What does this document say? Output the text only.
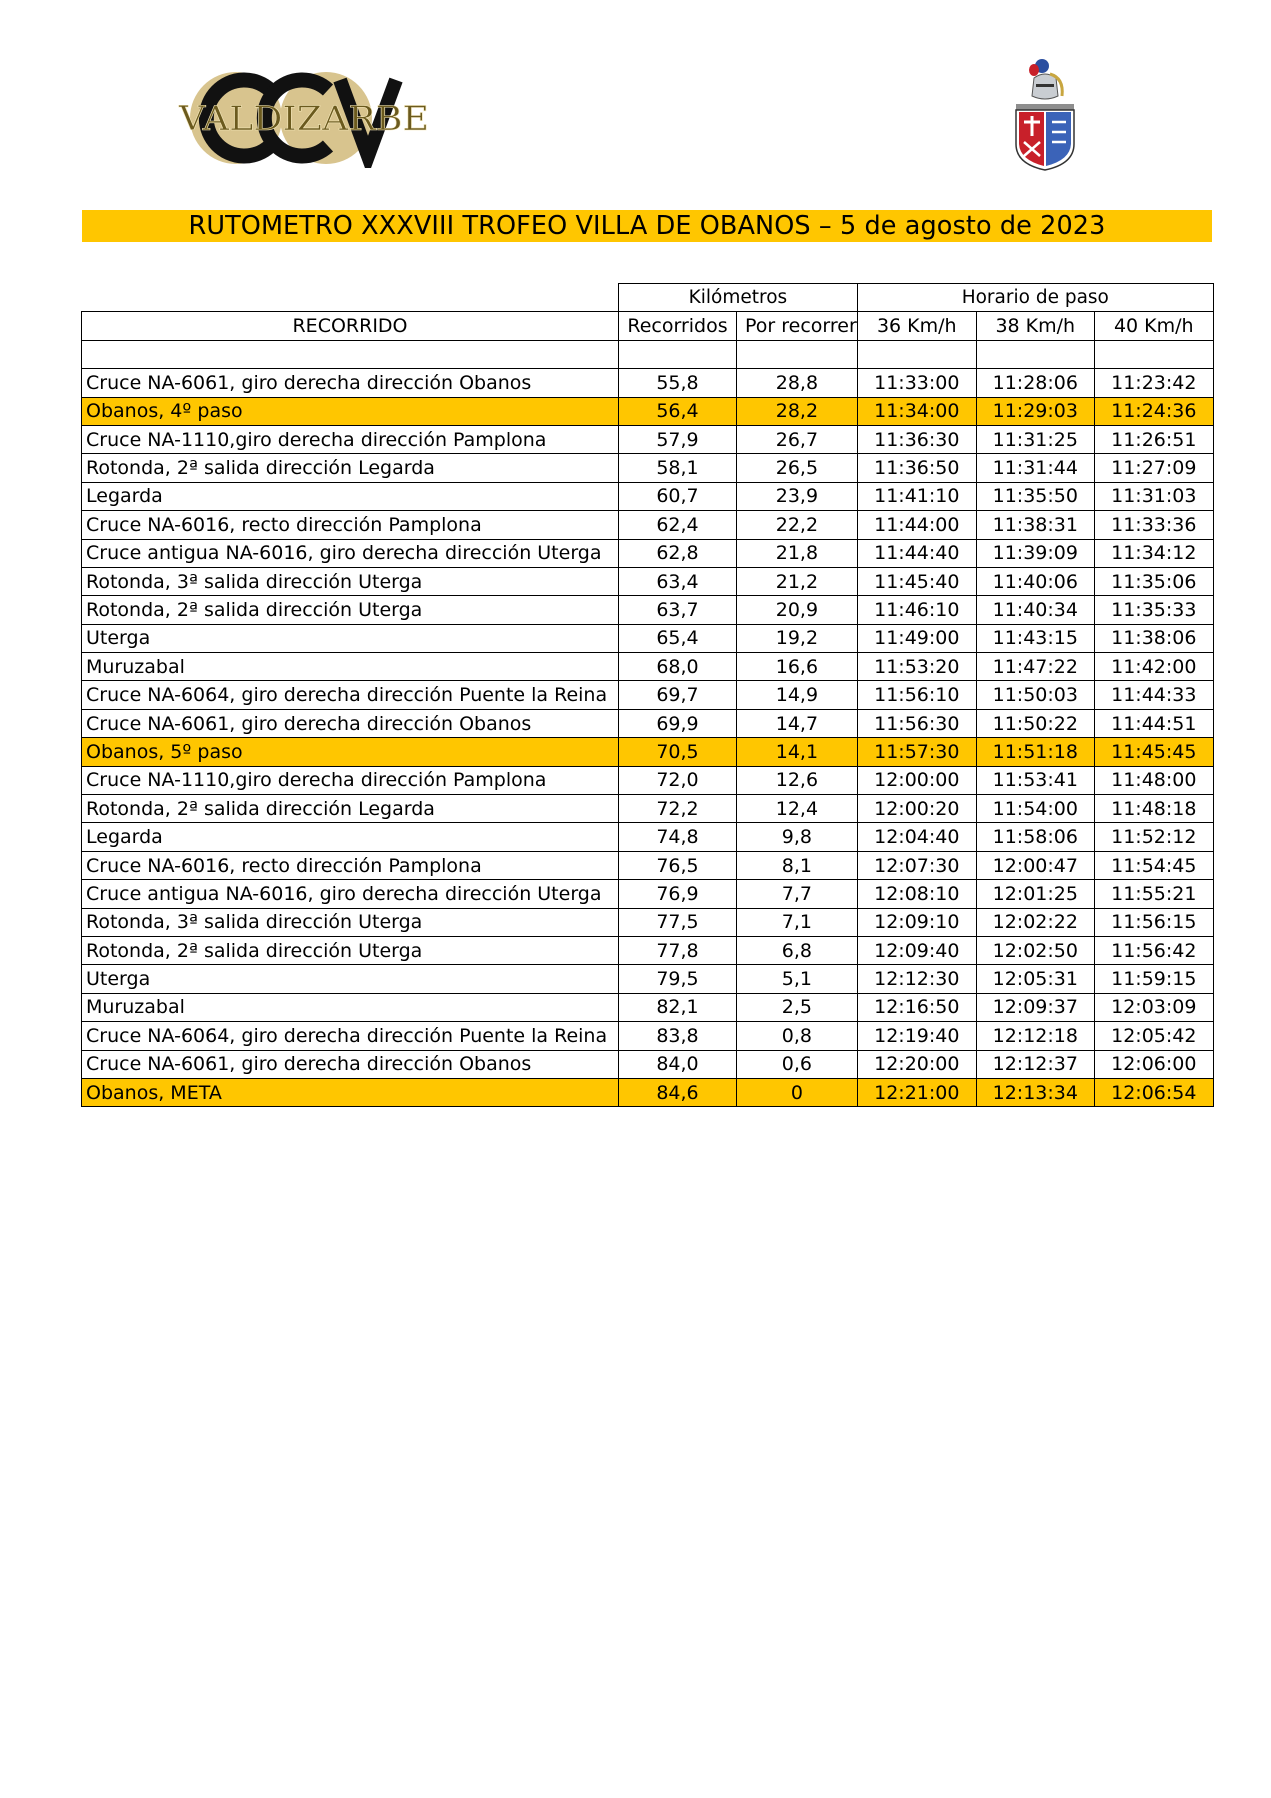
VALDIZARBE
RUTOMETRO XXXVIII TROFEO VILLA DE OBANOS – 5 de agosto de 2023
	Kilómetros		Horario de paso		
RECORRIDO	Recorridos	Por recorrer	36 Km/h	38 Km/h	40 Km/h

Cruce NA-6061, giro derecha dirección Obanos	55,8	28,8	11:33:00	11:28:06	11:23:42
Obanos, 4º paso	56,4	28,2	11:34:00	11:29:03	11:24:36
Cruce NA-1110,giro derecha dirección Pamplona	57,9	26,7	11:36:30	11:31:25	11:26:51
Rotonda, 2ª salida dirección Legarda	58,1	26,5	11:36:50	11:31:44	11:27:09
Legarda	60,7	23,9	11:41:10	11:35:50	11:31:03
Cruce NA-6016, recto dirección Pamplona	62,4	22,2	11:44:00	11:38:31	11:33:36
Cruce antigua NA-6016, giro derecha dirección Uterga	62,8	21,8	11:44:40	11:39:09	11:34:12
Rotonda, 3ª salida dirección Uterga	63,4	21,2	11:45:40	11:40:06	11:35:06
Rotonda, 2ª salida dirección Uterga	63,7	20,9	11:46:10	11:40:34	11:35:33
Uterga	65,4	19,2	11:49:00	11:43:15	11:38:06
Muruzabal	68,0	16,6	11:53:20	11:47:22	11:42:00
Cruce NA-6064, giro derecha dirección Puente la Reina	69,7	14,9	11:56:10	11:50:03	11:44:33
Cruce NA-6061, giro derecha dirección Obanos	69,9	14,7	11:56:30	11:50:22	11:44:51
Obanos, 5º paso	70,5	14,1	11:57:30	11:51:18	11:45:45
Cruce NA-1110,giro derecha dirección Pamplona	72,0	12,6	12:00:00	11:53:41	11:48:00
Rotonda, 2ª salida dirección Legarda	72,2	12,4	12:00:20	11:54:00	11:48:18
Legarda	74,8	9,8	12:04:40	11:58:06	11:52:12
Cruce NA-6016, recto dirección Pamplona	76,5	8,1	12:07:30	12:00:47	11:54:45
Cruce antigua NA-6016, giro derecha dirección Uterga	76,9	7,7	12:08:10	12:01:25	11:55:21
Rotonda, 3ª salida dirección Uterga	77,5	7,1	12:09:10	12:02:22	11:56:15
Rotonda, 2ª salida dirección Uterga	77,8	6,8	12:09:40	12:02:50	11:56:42
Uterga	79,5	5,1	12:12:30	12:05:31	11:59:15
Muruzabal	82,1	2,5	12:16:50	12:09:37	12:03:09
Cruce NA-6064, giro derecha dirección Puente la Reina	83,8	0,8	12:19:40	12:12:18	12:05:42
Cruce NA-6061, giro derecha dirección Obanos	84,0	0,6	12:20:00	12:12:37	12:06:00
Obanos, META	84,6	0	12:21:00	12:13:34	12:06:54
